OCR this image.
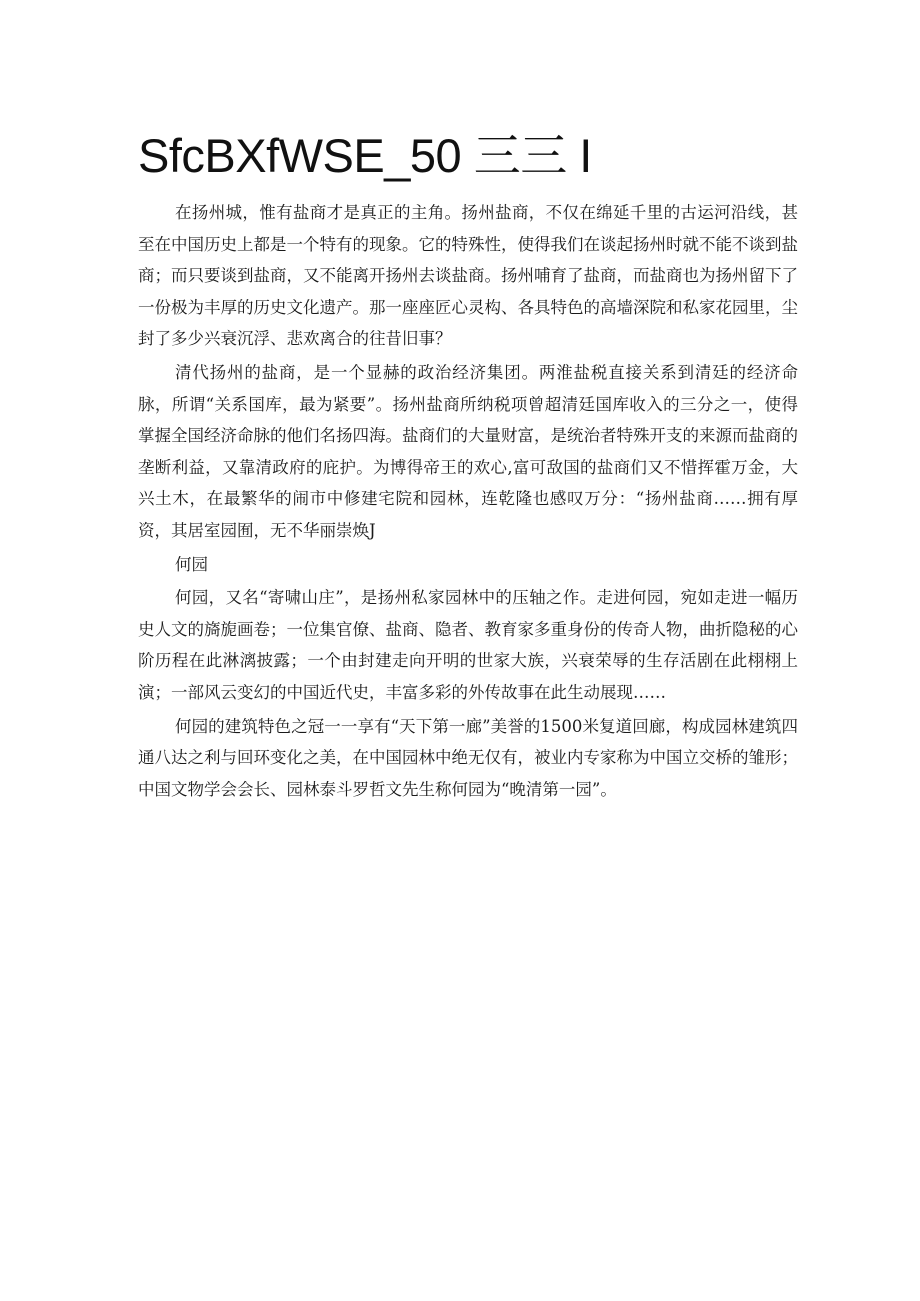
SfcBXfWSE_50 三三 I

在扬州城，惟有盐商才是真正的主角。扬州盐商，不仅在绵延千里的古运河沿线，甚至在中国历史上都是一个特有的现象。它的特殊性，使得我们在谈起扬州时就不能不谈到盐商；而只要谈到盐商，又不能离开扬州去谈盐商。扬州哺育了盐商，而盐商也为扬州留下了一份极为丰厚的历史文化遗产。那一座座匠心灵构、各具特色的高墙深院和私家花园里，尘封了多少兴衰沉浮、悲欢离合的往昔旧事？

清代扬州的盐商，是一个显赫的政治经济集团。两淮盐税直接关系到清廷的经济命脉，所谓“关系国库，最为紧要”。扬州盐商所纳税项曾超清廷国库收入的三分之一，使得掌握全国经济命脉的他们名扬四海。盐商们的大量财富，是统治者特殊开支的来源而盐商的垄断利益，又靠清政府的庇护。为博得帝王的欢心,富可敌国的盐商们又不惜挥霍万金，大兴土木，在最繁华的闹市中修建宅院和园林，连乾隆也感叹万分：“扬州盐商……拥有厚资，其居室园囿，无不华丽崇焕J

何园

何园，又名“寄啸山庄”，是扬州私家园林中的压轴之作。走进何园，宛如走进一幅历史人文的旖旎画卷；一位集官僚、盐商、隐者、教育家多重身份的传奇人物，曲折隐秘的心阶历程在此淋漓披露；一个由封建走向开明的世家大族，兴衰荣辱的生存活剧在此栩栩上演；一部风云变幻的中国近代史，丰富多彩的外传故事在此生动展现……

何园的建筑特色之冠一一享有“天下第一廊”美誉的1500米复道回廊，构成园林建筑四通八达之利与回环变化之美，在中国园林中绝无仅有，被业内专家称为中国立交桥的雏形；中国文物学会会长、园林泰斗罗哲文先生称何园为“晚清第一园”。
